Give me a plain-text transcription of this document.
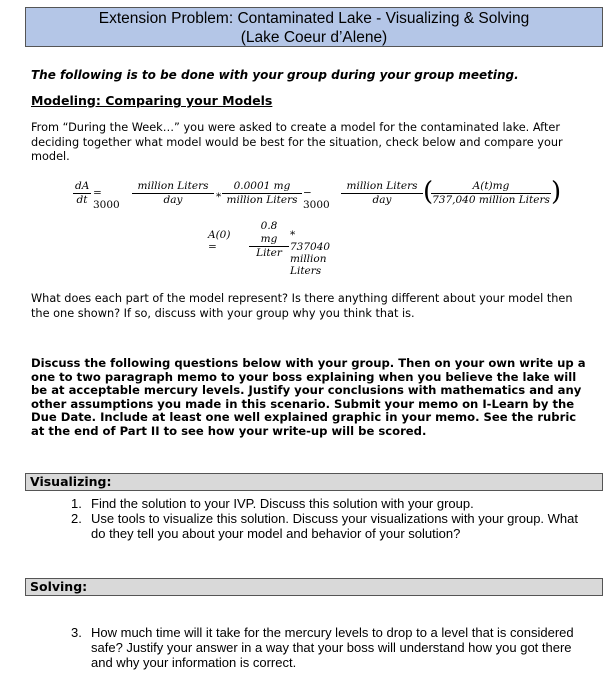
Extension Problem: Contaminated Lake - Visualizing & Solving
(Lake Coeur d’Alene)
The following is to be done with your group during your group meeting.
Modeling: Comparing your Models
From “During the Week…” you were asked to create a model for the contaminated lake. After deciding together what model would be best for the situation, check below and compare your model.
$\frac{dA}{dt} = 3000$
million Liters
day	*
0.0001 mg
million Liters
− 3000
million Liters
day	(	A(t)mg
737,040 million Liters )
A(0) =
0.8 mg
Liter
* 737040 million Liters
What does each part of the model represent? Is there anything different about your model then the one shown? If so, discuss with your group why you think that is.
Discuss the following questions below with your group. Then on your own write up a one to two paragraph memo to your boss explaining when you believe the lake will be at acceptable mercury levels. Justify your conclusions with mathematics and any other assumptions you made in this scenario. Submit your memo on I-Learn by the Due Date. Include at least one well explained graphic in your memo. See the rubric at the end of Part II to see how your write-up will be scored.
Visualizing:
1. Find the solution to your IVP. Discuss this solution with your group.
2. Use tools to visualize this solution. Discuss your visualizations with your group. What do they tell you about your model and behavior of your solution?
Solving:
3. How much time will it take for the mercury levels to drop to a level that is considered safe? Justify your answer in a way that your boss will understand how you got there and why your information is correct.
